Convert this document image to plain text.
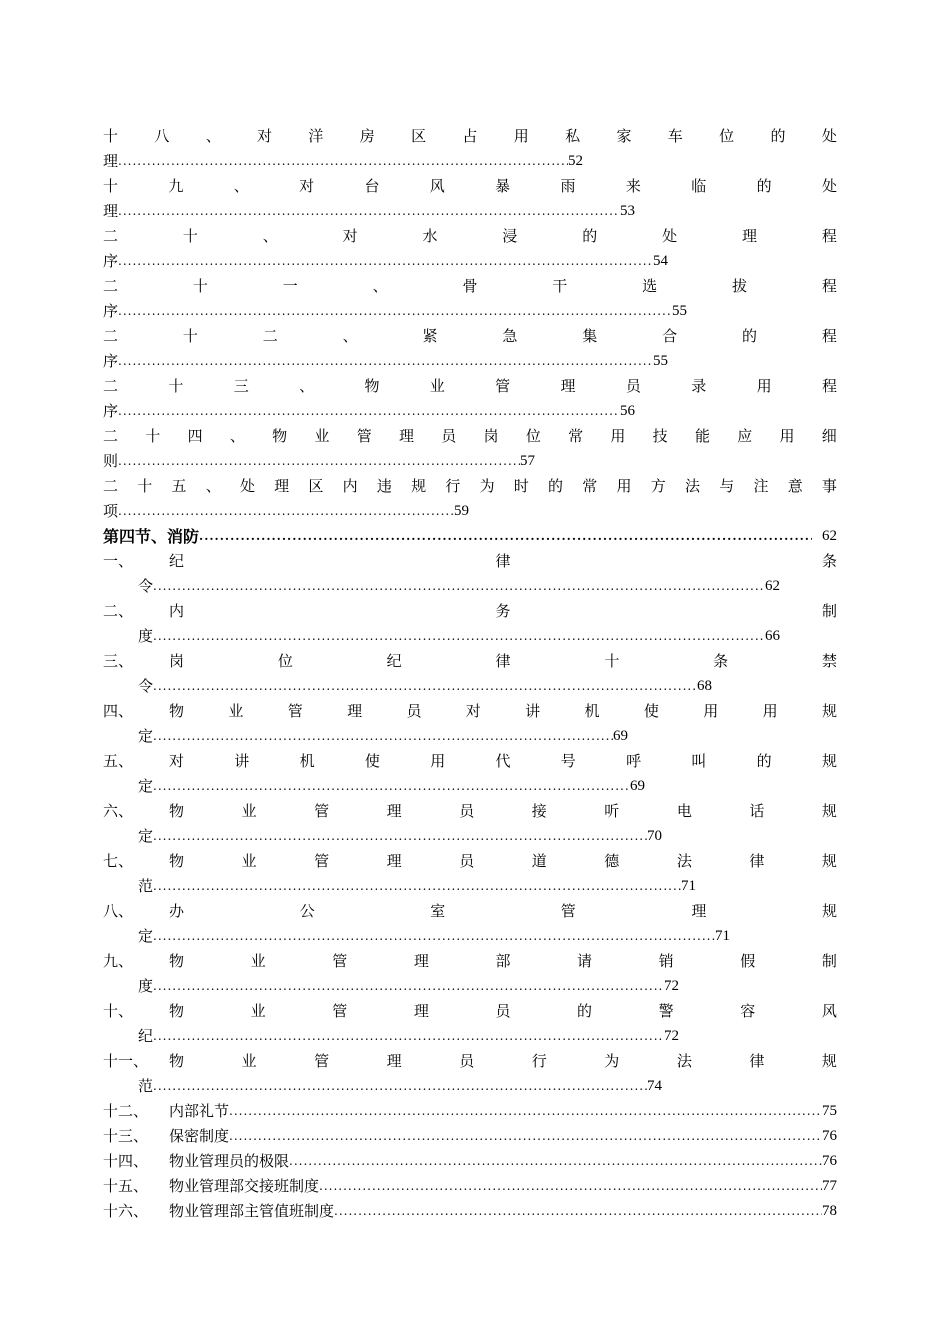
十 八 、 对 洋 房 区 占 用 私 家 车 位 的 处
理 .....	52
十	九	、	对	台	风	暴	雨	来	临	的	处
理 .....	53
二	十	、	对	水	浸	的	处	理	程
序 .....	54
二	十	一	、	骨	干	选	拔	程
序 .....	55
二	十	二	、	紧	急	集	合	的	程
序 .....	55
二	十	三	、	物	业	管	理	员	录	用	程
序 .....	56
二 十 四 、 物 业 管 理 员 岗 位 常 用 技 能 应 用 细
则 .....	57
二 十 五 、 处 理 区 内 违 规 行 为 时 的 常 用 方 法 与 注 意 事
项 .....	59
第四节、消防 .....	62
一、	纪	律	条
令 .....	62
二、	内	务	制
度 .....	66
三、	岗	位	纪	律	十	条	禁
令 .....	68
四、	物	业	管	理	员	对	讲	机	使	用	用	规
定 .....	69
五、	对	讲	机	使	用	代	号	呼	叫	的	规
定 .....	69
六、	物	业	管	理	员	接	听	电	话	规
定 .....	70
七、	物	业	管	理	员	道	德	法	律	规
范 .....	71
八、	办	公	室	管	理	规
定 .....	71
九、	物	业	管	理	部	请	销	假	制
度 .....	72
十、	物	业	管	理	员	的	警	容	风
纪 .....	72
十一、	物	业	管	理	员	行	为	法	律	规
范 .....	74
十二、	内部礼节 .....	75
十三、	保密制度 .....	76
十四、	物业管理员的极限 .....	76
十五、	物业管理部交接班制度 .....	77
十六、	物业管理部主管值班制度 .....	78
